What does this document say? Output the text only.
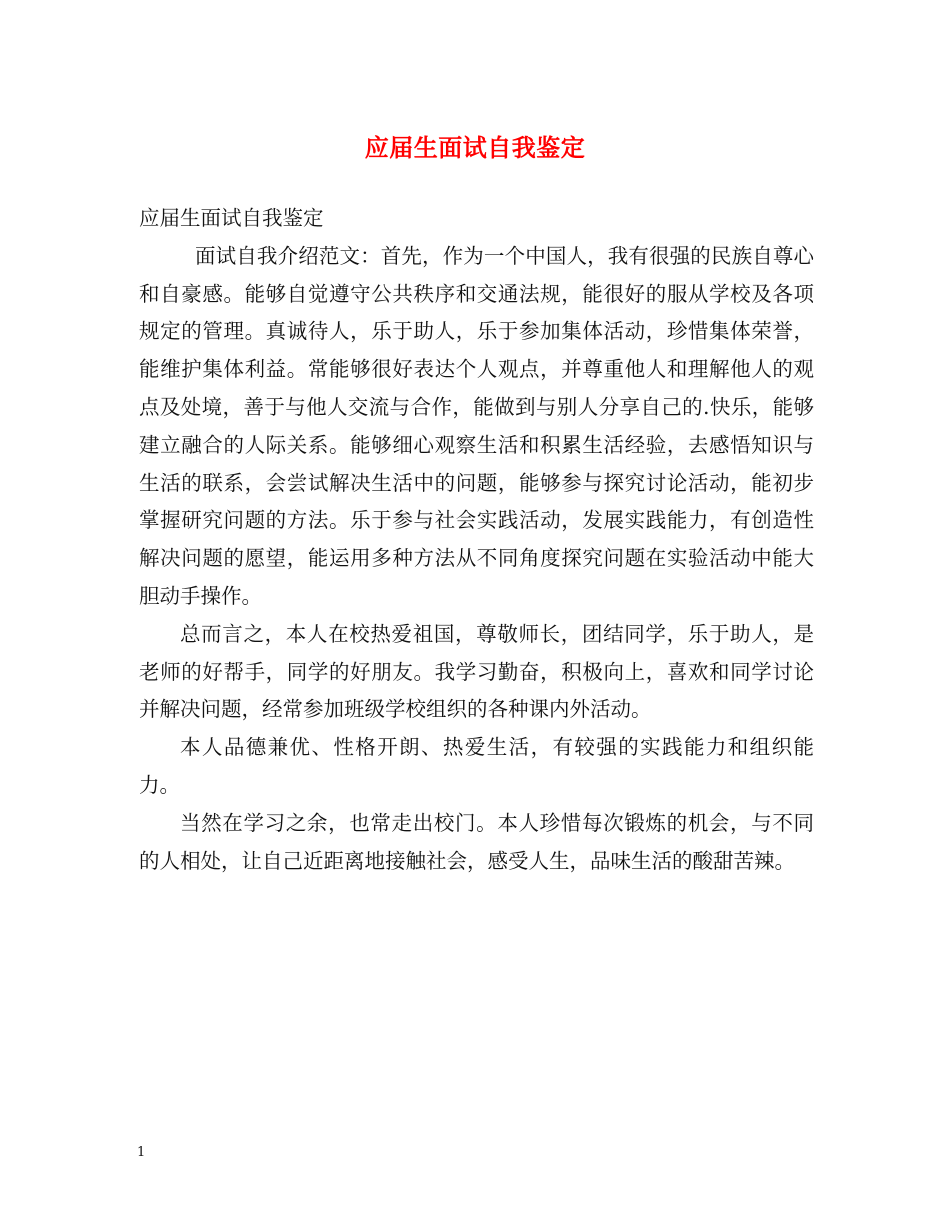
应届生面试自我鉴定

应届生面试自我鉴定

面试自我介绍范文：首先，作为一个中国人，我有很强的民族自尊心和自豪感。能够自觉遵守公共秩序和交通法规，能很好的服从学校及各项规定的管理。真诚待人，乐于助人，乐于参加集体活动，珍惜集体荣誉，能维护集体利益。常能够很好表达个人观点，并尊重他人和理解他人的观点及处境，善于与他人交流与合作，能做到与别人分享自己的.快乐，能够建立融合的人际关系。能够细心观察生活和积累生活经验，去感悟知识与生活的联系，会尝试解决生活中的问题，能够参与探究讨论活动，能初步掌握研究问题的方法。乐于参与社会实践活动，发展实践能力，有创造性解决问题的愿望，能运用多种方法从不同角度探究问题在实验活动中能大胆动手操作。

总而言之，本人在校热爱祖国，尊敬师长，团结同学，乐于助人，是老师的好帮手，同学的好朋友。我学习勤奋，积极向上，喜欢和同学讨论并解决问题，经常参加班级学校组织的各种课内外活动。

本人品德兼优、性格开朗、热爱生活，有较强的实践能力和组织能力。

当然在学习之余，也常走出校门。本人珍惜每次锻炼的机会，与不同的人相处，让自己近距离地接触社会，感受人生，品味生活的酸甜苦辣。

1
